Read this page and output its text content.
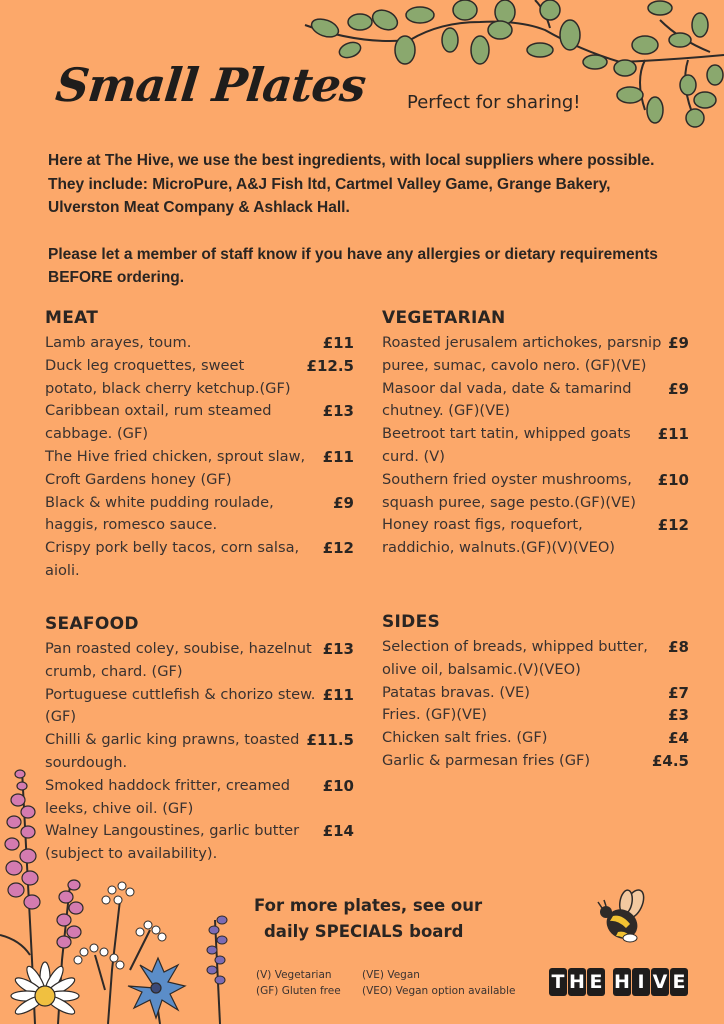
Small Plates Perfect for sharing!

Here at The Hive, we use the best ingredients, with local suppliers where possible. They include: MicroPure, A&J Fish ltd, Cartmel Valley Game, Grange Bakery, Ulverston Meat Company & Ashlack Hall.

Please let a member of staff know if you have any allergies or dietary requirements BEFORE ordering.

MEAT
Lamb arayes, toum.	£11
Duck leg croquettes, sweet potato, black cherry ketchup.(GF)
£12.5
Caribbean oxtail, rum steamed cabbage. (GF)
£13
The Hive fried chicken, sprout slaw, Croft Gardens honey (GF)
£11
Black & white pudding roulade, haggis, romesco sauce.
£9
Crispy pork belly tacos, corn salsa, aioli.
£12
VEGETARIAN
Roasted jerusalem artichokes, parsnip puree, sumac, cavolo nero. (GF)(VE)
£9
Masoor dal vada, date & tamarind chutney. (GF)(VE)
£9
Beetroot tart tatin, whipped goats curd. (V)
£11
Southern fried oyster mushrooms, squash puree, sage pesto.(GF)(VE)
£10
Honey roast figs, roquefort, raddichio, walnuts.(GF)(V)(VEO)
£12
SEAFOOD
Pan roasted coley, soubise, hazelnut crumb, chard. (GF)
£13
Portuguese cuttlefish & chorizo stew. (GF)
£11
Chilli & garlic king prawns, toasted sourdough.
£11.5
Smoked haddock fritter, creamed leeks, chive oil. (GF)
£10
Walney Langoustines, garlic butter (subject to availability).
£14
SIDES
Selection of breads, whipped butter, olive oil, balsamic.(V)(VEO)
£8
Patatas bravas. (VE)	£7
Fries. (GF)(VE)	£3
Chicken salt fries. (GF)	£4
Garlic & parmesan fries (GF)	£4.5
For more plates, see our
daily SPECIALS board
(V) Vegetarian	(VE) Vegan
(GF) Gluten free	(VEO) Vegan option available T H E H I V E
